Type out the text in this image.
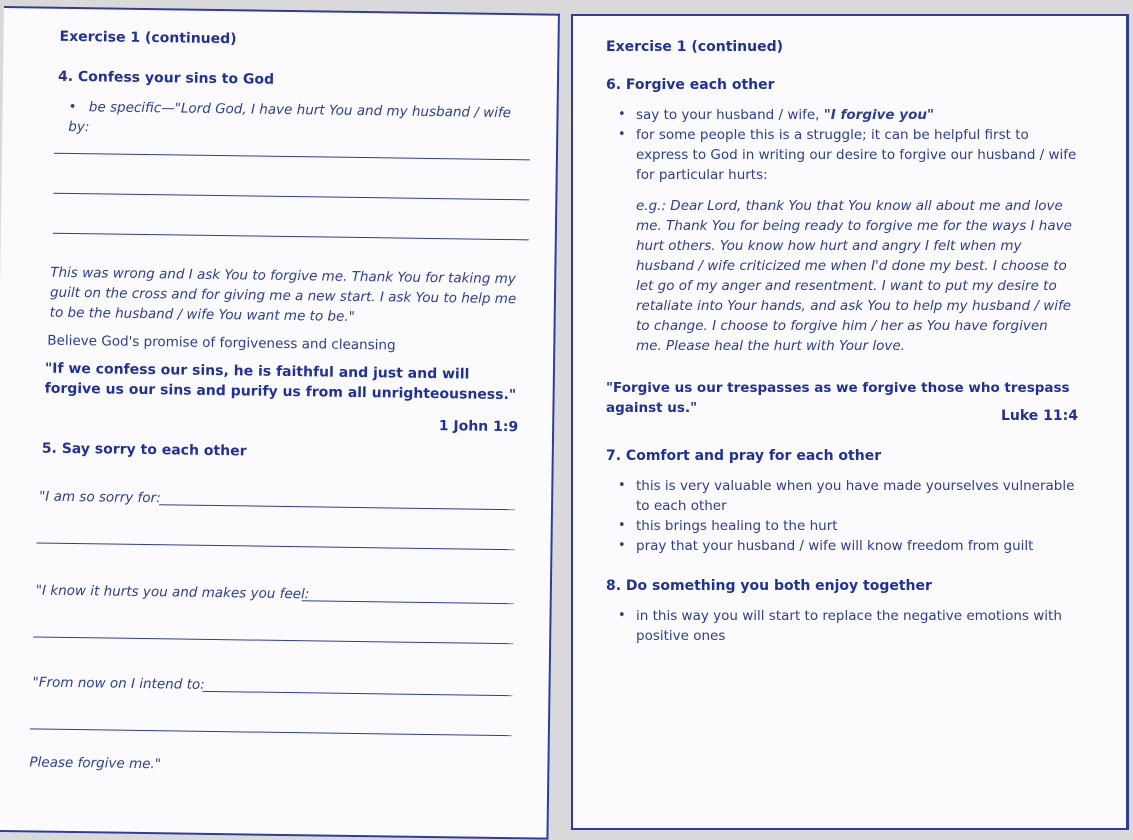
Exercise 1 (continued)
4. Confess your sins to God
• be specific—"Lord God, I have hurt You and my husband / wife by:
This was wrong and I ask You to forgive me. Thank You for taking my guilt on the cross and for giving me a new start. I ask You to help me to be the husband / wife You want me to be."
Believe God's promise of forgiveness and cleansing
"If we confess our sins, he is faithful and just and will forgive us our sins and purify us from all unrighteousness."
1 John 1:9
5. Say sorry to each other
"I am so sorry for:
"I know it hurts you and makes you feel:
"From now on I intend to:
Please forgive me."
Exercise 1 (continued)
6. Forgive each other
• say to your husband / wife, "I forgive you"
• for some people this is a struggle; it can be helpful first to express to God in writing our desire to forgive our husband / wife for particular hurts:
e.g.: Dear Lord, thank You that You know all about me and love me. Thank You for being ready to forgive me for the ways I have hurt others. You know how hurt and angry I felt when my husband / wife criticized me when I'd done my best. I choose to let go of my anger and resentment. I want to put my desire to retaliate into Your hands, and ask You to help my husband / wife to change. I choose to forgive him / her as You have forgiven me. Please heal the hurt with Your love.
"Forgive us our trespasses as we forgive those who trespass against us."	Luke 11:4
7. Comfort and pray for each other
• this is very valuable when you have made yourselves vulnerable to each other
• this brings healing to the hurt
• pray that your husband / wife will know freedom from guilt
8. Do something you both enjoy together
• in this way you will start to replace the negative emotions with positive ones
